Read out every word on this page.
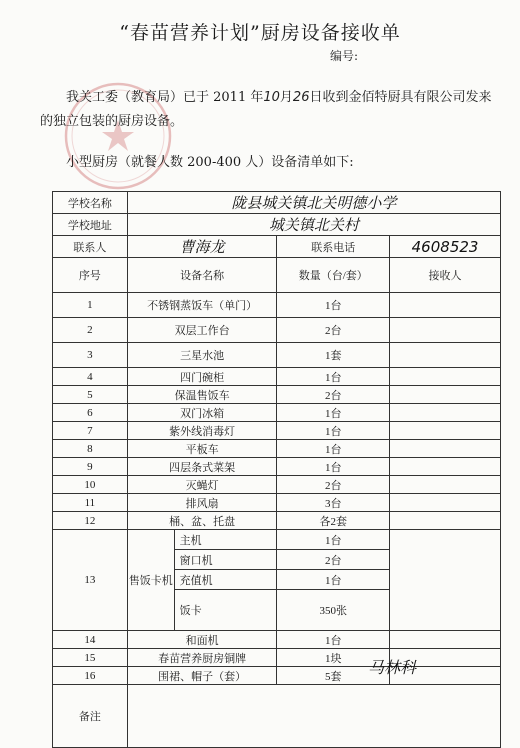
“春苗营养计划”厨房设备接收单
编号:
我关工委（教育局）已于 2011 年10月26日收到金佰特厨具有限公司发来的独立包装的厨房设备。
小型厨房（就餐人数 200-400 人）设备清单如下:
学校名称	陇县城关镇北关明德小学			
学校地址	城关镇北关村			
联系人	曹海龙		联系电话	4608523
序号	设备名称		数量（台/套）	接收人
1	不锈钢蒸饭车（单门）		1台	
2	双层工作台		2台	
3	三星水池		1套	
4	四门碗柜		1台	
5	保温售饭车		2台	
6	双门冰箱		1台	
7	紫外线消毒灯		1台	
8	平板车		1台	
9	四层条式菜架		1台	
10	灭蝇灯		2台	
11	排风扇		3台	
12	桶、盆、托盘		各2套	
13	售饭卡机	主机	1台	
		窗口机	2台	
		充值机	1台	
		饭卡	350张	
14	和面机		1台	
15	春苗营养厨房铜牌		1块	
16	围裙、帽子（套）		5套	
备注				
马林科
